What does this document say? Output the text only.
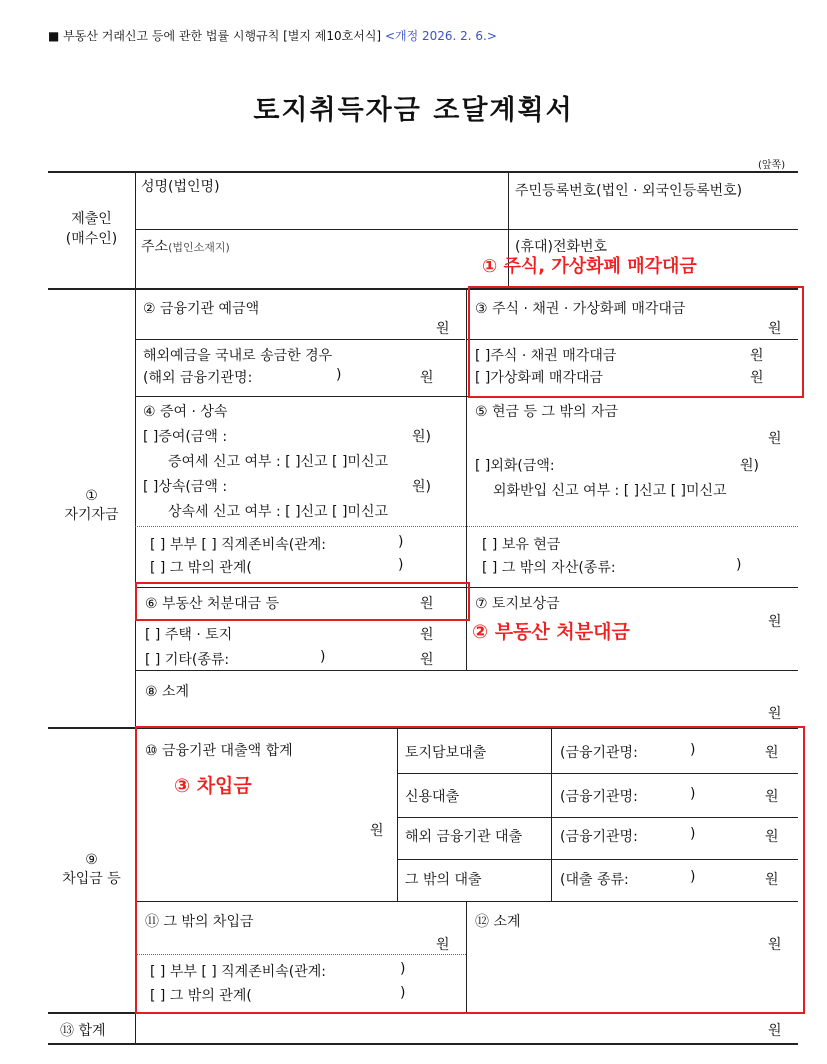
■ 부동산 거래신고 등에 관한 법률 시행규칙 [별지 제10호서식] <개정 2026. 2. 6.>
토지취득자금 조달계획서
(앞쪽)
제출인
(매수인)
성명(법인명)	주민등록번호(법인 · 외국인등록번호)
주소(법인소재지)	(휴대)전화번호
①
자기자금
② 금융기관 예금액
원
해외예금을 국내로 송금한 경우
(해외 금융기관명:	)	원
③ 주식 · 채권 · 가상화폐 매각대금
원
[ ]주식 · 채권 매각대금	원
[ ]가상화폐 매각대금	원
④ 증여 · 상속
[ ]증여(금액 :	원)
증여세 신고 여부 : [ ]신고 [ ]미신고
[ ]상속(금액 :	원)
상속세 신고 여부 : [ ]신고 [ ]미신고
⑤ 현금 등 그 밖의 자금
원
[ ]외화(금액:	원)
외화반입 신고 여부 : [ ]신고 [ ]미신고
[ ] 부부 [ ] 직계존비속(관계:	)
[ ] 그 밖의 관계(	)
[ ] 보유 현금
[ ] 그 밖의 자산(종류:	)
⑥ 부동산 처분대금 등	원
[ ] 주택 · 토지	원
[ ] 기타(종류:	)	원
⑦ 토지보상금
원
⑧ 소계
원
⑨
차입금 등
⑩ 금융기관 대출액 합계
원
토지담보대출	(금융기관명:	)	원
신용대출	(금융기관명:	)	원
해외 금융기관 대출	(금융기관명:	)	원
그 밖의 대출	(대출 종류:	)	원
⑪ 그 밖의 차입금
원
[ ] 부부 [ ] 직계존비속(관계:	)
[ ] 그 밖의 관계(	)
⑫ 소계
원
⑬ 합계	원
① 주식, 가상화폐 매각대금
② 부동산 처분대금
③ 차입금
